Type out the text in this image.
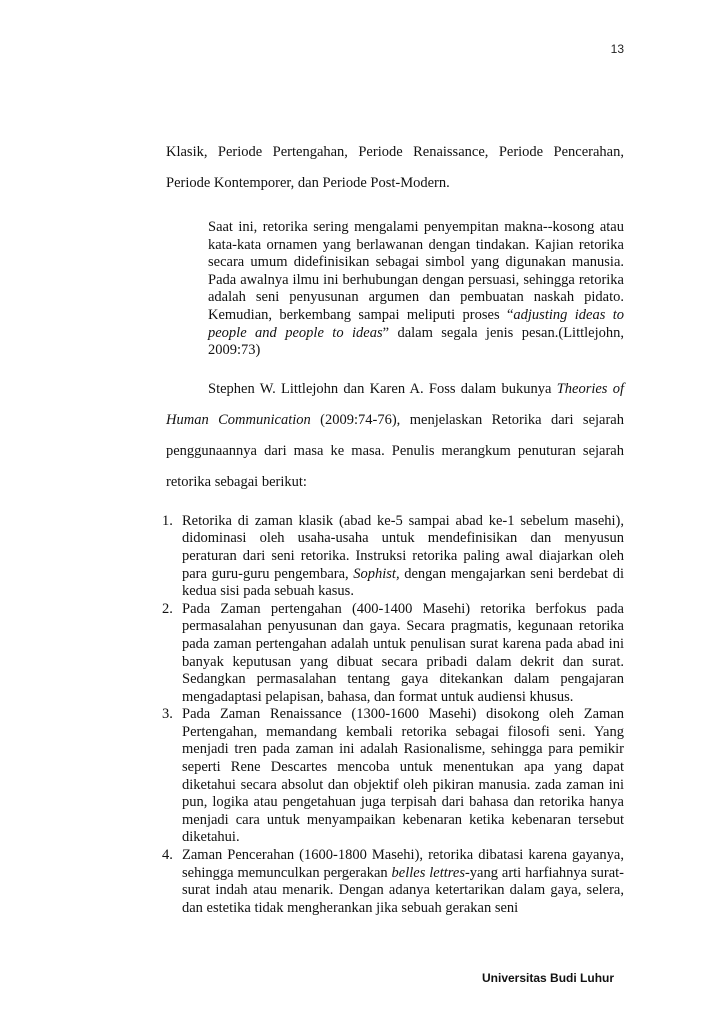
13

Klasik, Periode Pertengahan, Periode Renaissance, Periode Pencerahan, Periode Kontemporer, dan Periode Post-Modern.

Saat ini, retorika sering mengalami penyempitan makna--kosong atau kata-kata ornamen yang berlawanan dengan tindakan. Kajian retorika secara umum didefinisikan sebagai simbol yang digunakan manusia. Pada awalnya ilmu ini berhubungan dengan persuasi, sehingga retorika adalah seni penyusunan argumen dan pembuatan naskah pidato. Kemudian, berkembang sampai meliputi proses “adjusting ideas to people and people to ideas” dalam segala jenis pesan.(Littlejohn, 2009:73)

Stephen W. Littlejohn dan Karen A. Foss dalam bukunya Theories of Human Communication (2009:74-76), menjelaskan Retorika dari sejarah penggunaannya dari masa ke masa. Penulis merangkum penuturan sejarah retorika sebagai berikut:

1. Retorika di zaman klasik (abad ke-5 sampai abad ke-1 sebelum masehi), didominasi oleh usaha-usaha untuk mendefinisikan dan menyusun peraturan dari seni retorika. Instruksi retorika paling awal diajarkan oleh para guru-guru pengembara, Sophist, dengan mengajarkan seni berdebat di kedua sisi pada sebuah kasus.
2. Pada Zaman pertengahan (400-1400 Masehi) retorika berfokus pada permasalahan penyusunan dan gaya. Secara pragmatis, kegunaan retorika pada zaman pertengahan adalah untuk penulisan surat karena pada abad ini banyak keputusan yang dibuat secara pribadi dalam dekrit dan surat. Sedangkan permasalahan tentang gaya ditekankan dalam pengajaran mengadaptasi pelapisan, bahasa, dan format untuk audiensi khusus.
3. Pada Zaman Renaissance (1300-1600 Masehi) disokong oleh Zaman Pertengahan, memandang kembali retorika sebagai filosofi seni. Yang menjadi tren pada zaman ini adalah Rasionalisme, sehingga para pemikir seperti Rene Descartes mencoba untuk menentukan apa yang dapat diketahui secara absolut dan objektif oleh pikiran manusia. zada zaman ini pun, logika atau pengetahuan juga terpisah dari bahasa dan retorika hanya menjadi cara untuk menyampaikan kebenaran ketika kebenaran tersebut diketahui.
4. Zaman Pencerahan (1600-1800 Masehi), retorika dibatasi karena gayanya, sehingga memunculkan pergerakan belles lettres-yang arti harfiahnya surat-surat indah atau menarik. Dengan adanya ketertarikan dalam gaya, selera, dan estetika tidak mengherankan jika sebuah gerakan seni
Universitas Budi Luhur
